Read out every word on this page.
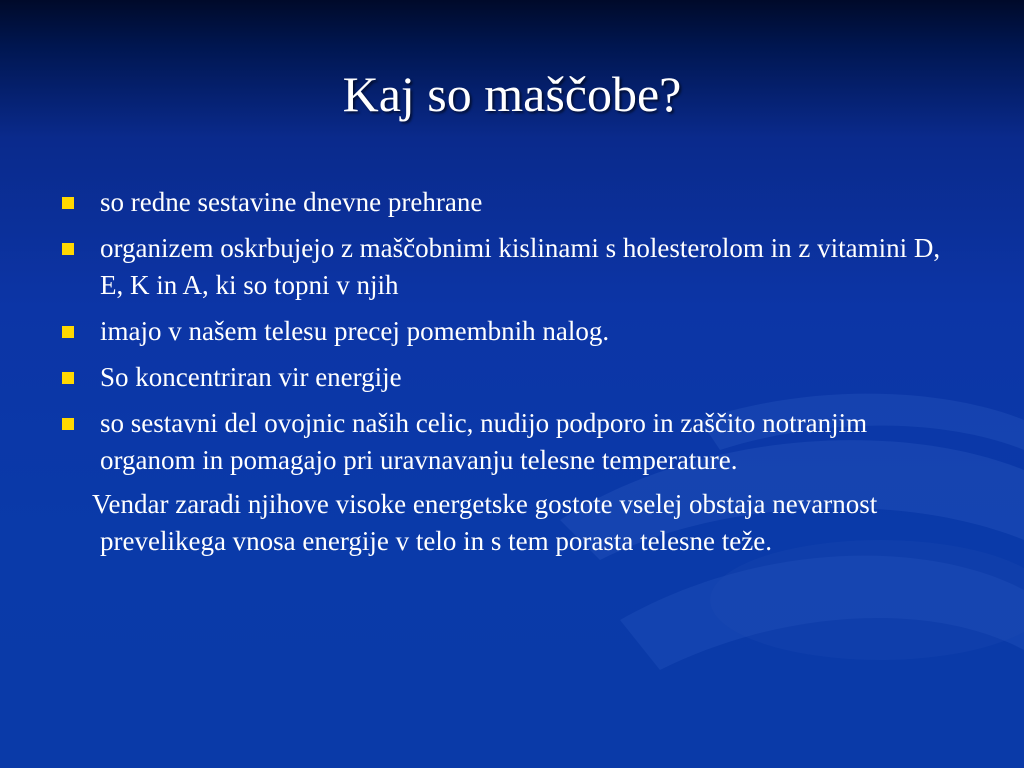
Kaj so maščobe?
so redne sestavine dnevne prehrane
organizem oskrbujejo z maščobnimi kislinami s holesterolom in z vitamini D, E, K in A, ki so topni v njih
imajo v našem telesu precej pomembnih nalog.
So koncentriran vir energije
so sestavni del ovojnic naših celic, nudijo podporo in zaščito notranjim organom in pomagajo pri uravnavanju telesne temperature.
Vendar zaradi njihove visoke energetske gostote vselej obstaja nevarnost prevelikega vnosa energije v telo in s tem porasta telesne teže.
